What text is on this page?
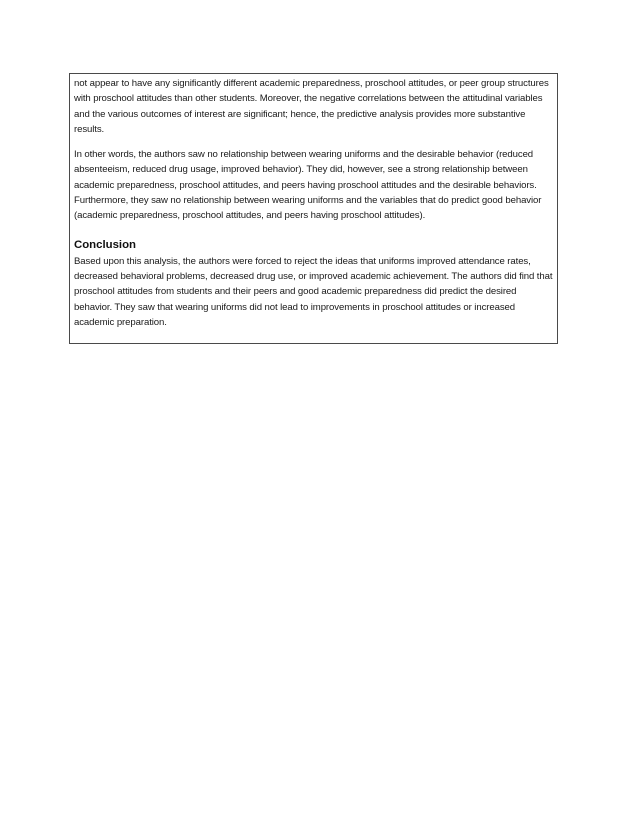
not appear to have any significantly different academic preparedness, proschool attitudes, or peer group structures with proschool attitudes than other students. Moreover, the negative correlations between the attitudinal variables and the various outcomes of interest are significant; hence, the predictive analysis provides more substantive results.

In other words, the authors saw no relationship between wearing uniforms and the desirable behavior (reduced absenteeism, reduced drug usage, improved behavior). They did, however, see a strong relationship between academic preparedness, proschool attitudes, and peers having proschool attitudes and the desirable behaviors. Furthermore, they saw no relationship between wearing uniforms and the variables that do predict good behavior (academic preparedness, proschool attitudes, and peers having proschool attitudes).

Conclusion

Based upon this analysis, the authors were forced to reject the ideas that uniforms improved attendance rates, decreased behavioral problems, decreased drug use, or improved academic achievement. The authors did find that proschool attitudes from students and their peers and good academic preparedness did predict the desired behavior. They saw that wearing uniforms did not lead to improvements in proschool attitudes or increased academic preparation.
